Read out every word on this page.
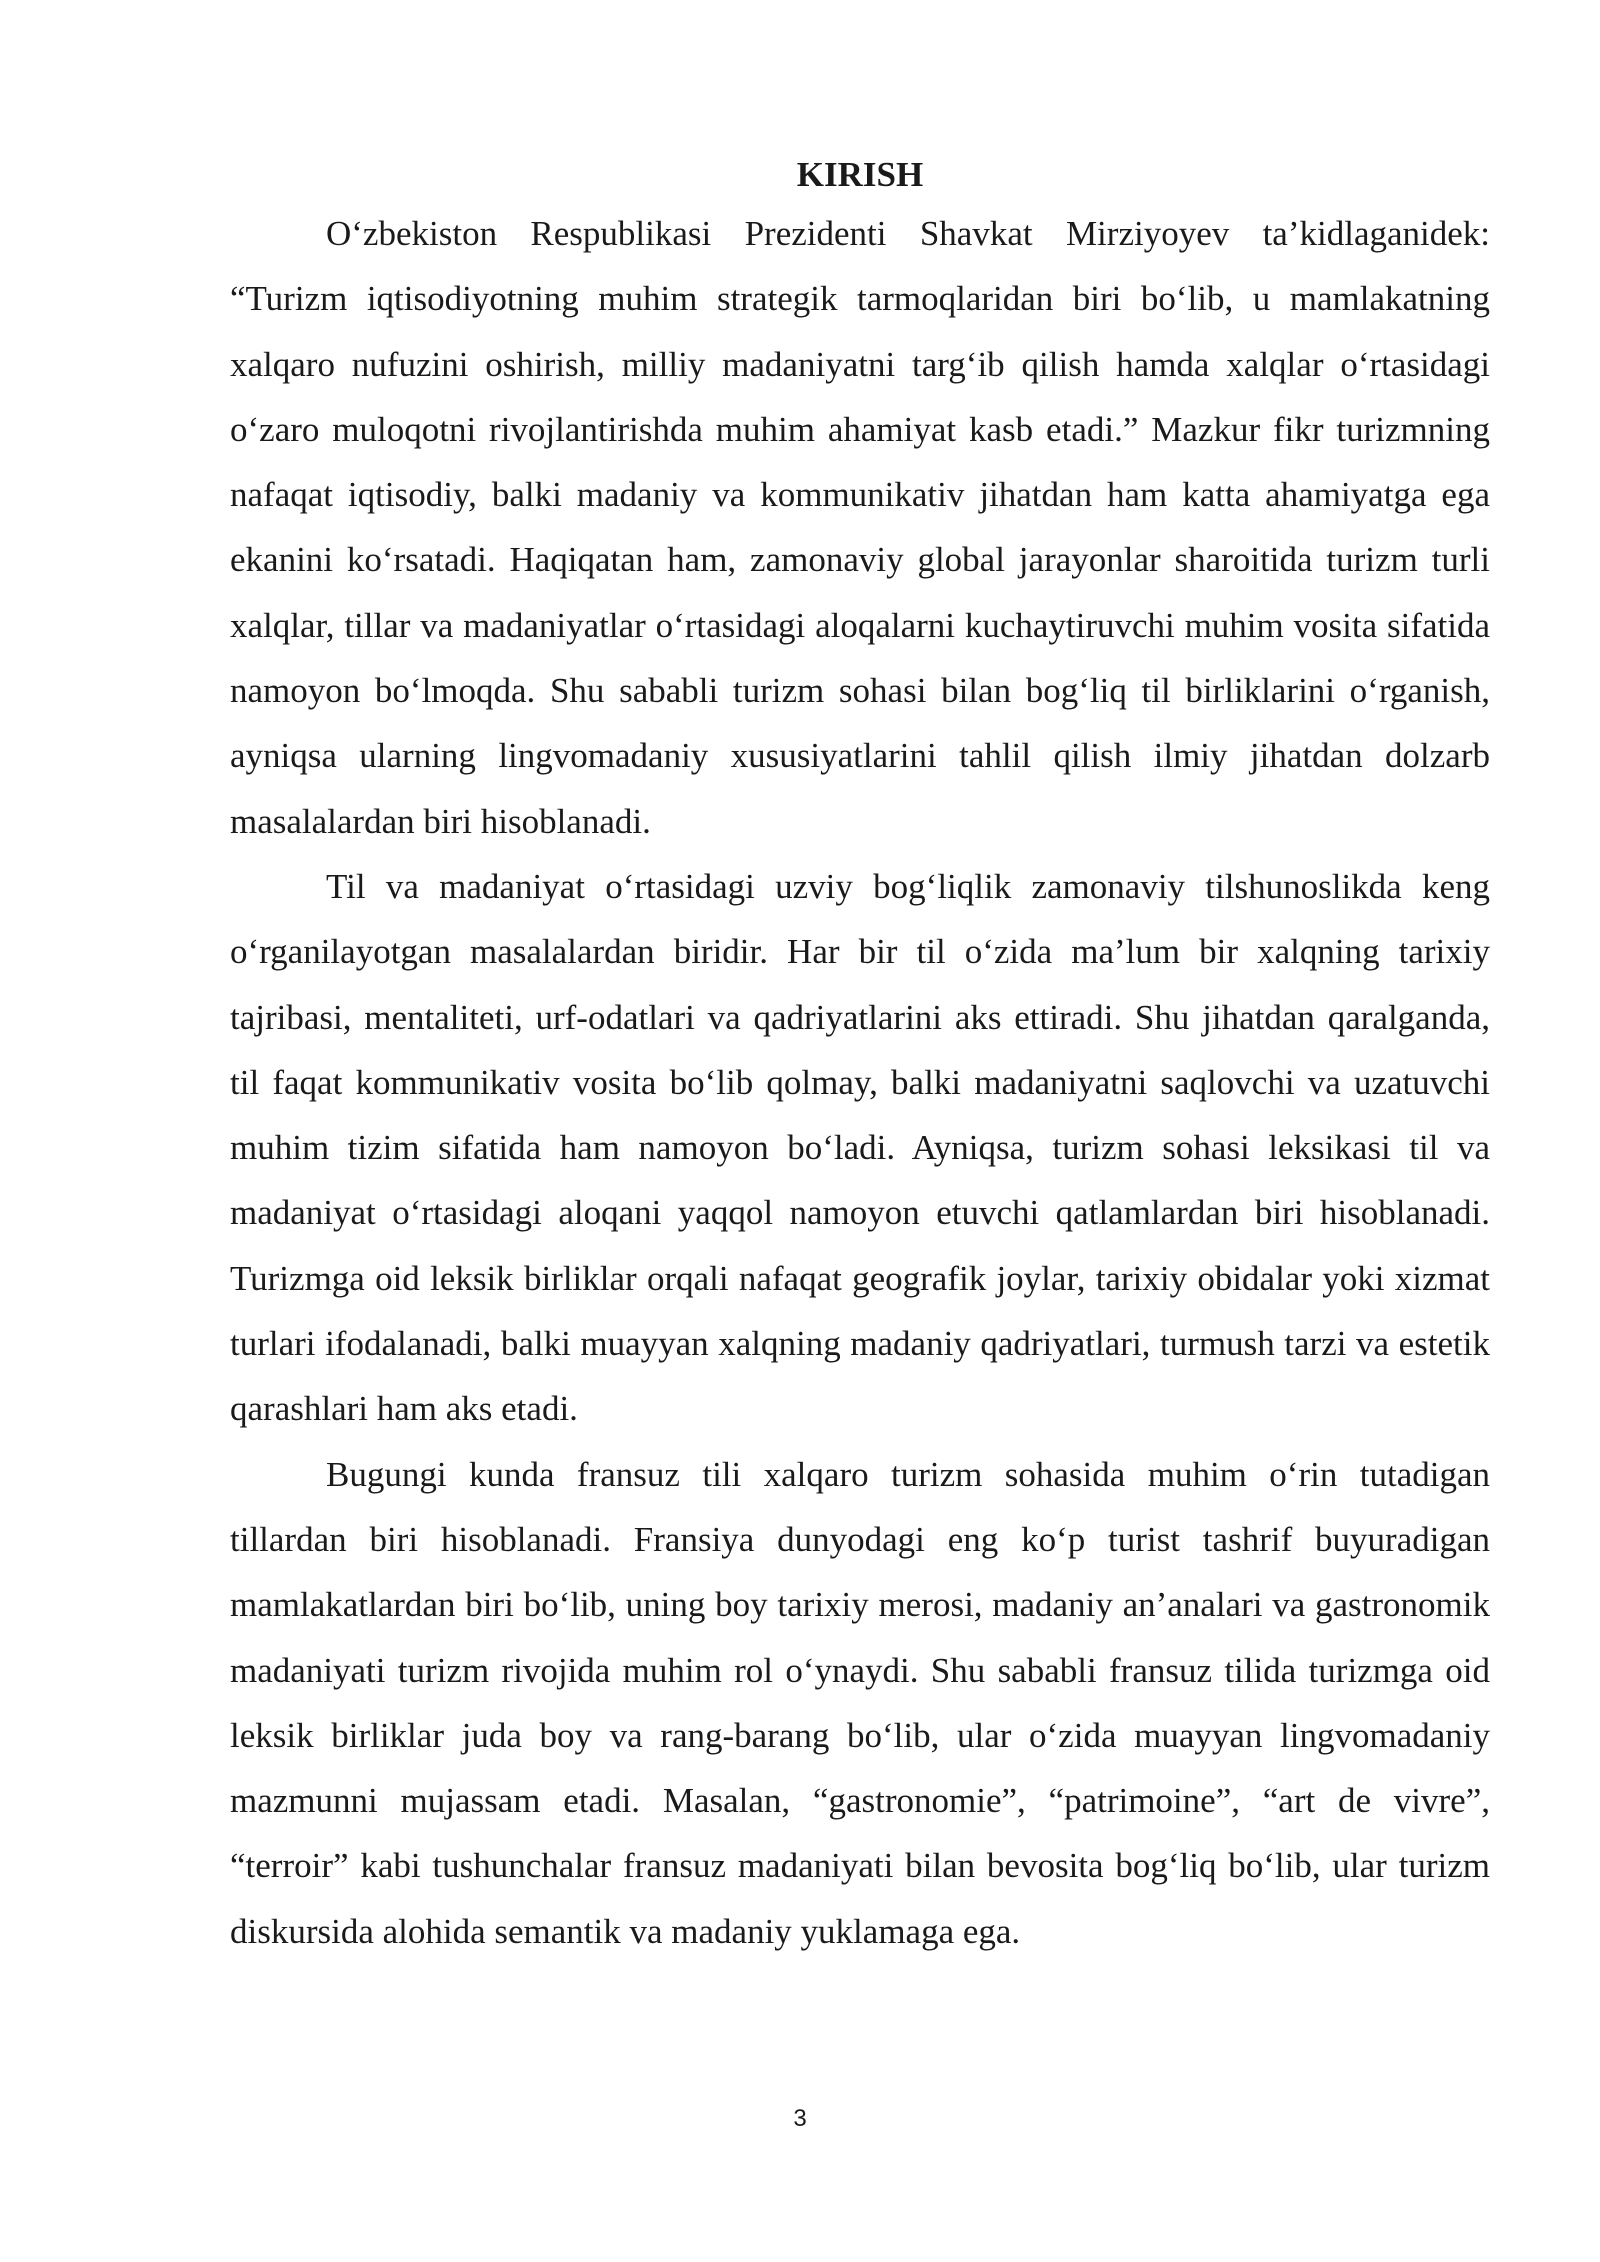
KIRISH

O‘zbekiston Respublikasi Prezidenti Shavkat Mirziyoyev ta’kidlaganidek: “Turizm iqtisodiyotning muhim strategik tarmoqlaridan biri bo‘lib, u mamlakatning xalqaro nufuzini oshirish, milliy madaniyatni targ‘ib qilish hamda xalqlar o‘rtasidagi o‘zaro muloqotni rivojlantirishda muhim ahamiyat kasb etadi.” Mazkur fikr turizmning nafaqat iqtisodiy, balki madaniy va kommunikativ jihatdan ham katta ahamiyatga ega ekanini ko‘rsatadi. Haqiqatan ham, zamonaviy global jarayonlar sharoitida turizm turli xalqlar, tillar va madaniyatlar o‘rtasidagi aloqalarni kuchaytiruvchi muhim vosita sifatida namoyon bo‘lmoqda. Shu sababli turizm sohasi bilan bog‘liq til birliklarini o‘rganish, ayniqsa ularning lingvomadaniy xususiyatlarini tahlil qilish ilmiy jihatdan dolzarb masalalardan biri hisoblanadi.

Til va madaniyat o‘rtasidagi uzviy bog‘liqlik zamonaviy tilshunoslikda keng o‘rganilayotgan masalalardan biridir. Har bir til o‘zida ma’lum bir xalqning tarixiy tajribasi, mentaliteti, urf-odatlari va qadriyatlarini aks ettiradi. Shu jihatdan qaralganda, til faqat kommunikativ vosita bo‘lib qolmay, balki madaniyatni saqlovchi va uzatuvchi muhim tizim sifatida ham namoyon bo‘ladi. Ayniqsa, turizm sohasi leksikasi til va madaniyat o‘rtasidagi aloqani yaqqol namoyon etuvchi qatlamlardan biri hisoblanadi. Turizmga oid leksik birliklar orqali nafaqat geografik joylar, tarixiy obidalar yoki xizmat turlari ifodalanadi, balki muayyan xalqning madaniy qadriyatlari, turmush tarzi va estetik qarashlari ham aks etadi.

Bugungi kunda fransuz tili xalqaro turizm sohasida muhim o‘rin tutadigan tillardan biri hisoblanadi. Fransiya dunyodagi eng ko‘p turist tashrif buyuradigan mamlakatlardan biri bo‘lib, uning boy tarixiy merosi, madaniy an’analari va gastronomik madaniyati turizm rivojida muhim rol o‘ynaydi. Shu sababli fransuz tilida turizmga oid leksik birliklar juda boy va rang-barang bo‘lib, ular o‘zida muayyan lingvomadaniy mazmunni mujassam etadi. Masalan, “gastronomie”, “patrimoine”, “art de vivre”, “terroir” kabi tushunchalar fransuz madaniyati bilan bevosita bog‘liq bo‘lib, ular turizm diskursida alohida semantik va madaniy yuklamaga ega.

3
